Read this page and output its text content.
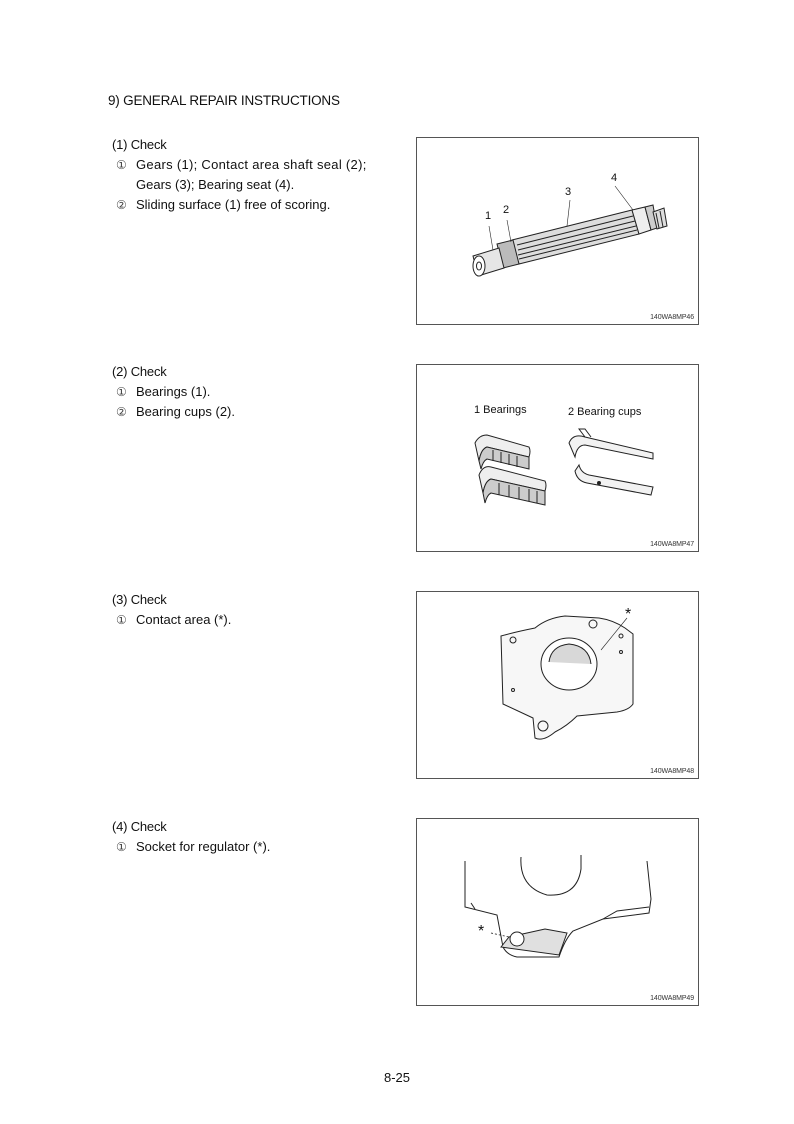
9) GENERAL REPAIR INSTRUCTIONS
(1) Check
① Gears (1); Contact area shaft seal (2);
Gears (3); Bearing seat (4).
② Sliding surface (1) free of scoring.
1 2
3
4
140WA8MP46
(2) Check
① Bearings (1).
② Bearing cups (2).	1 Bearings	2 Bearing cups
140WA8MP47
(3) Check
① Contact area (*).	*
140WA8MP48
(4) Check
① Socket for regulator (*).
*
140WA8MP49
8-25
